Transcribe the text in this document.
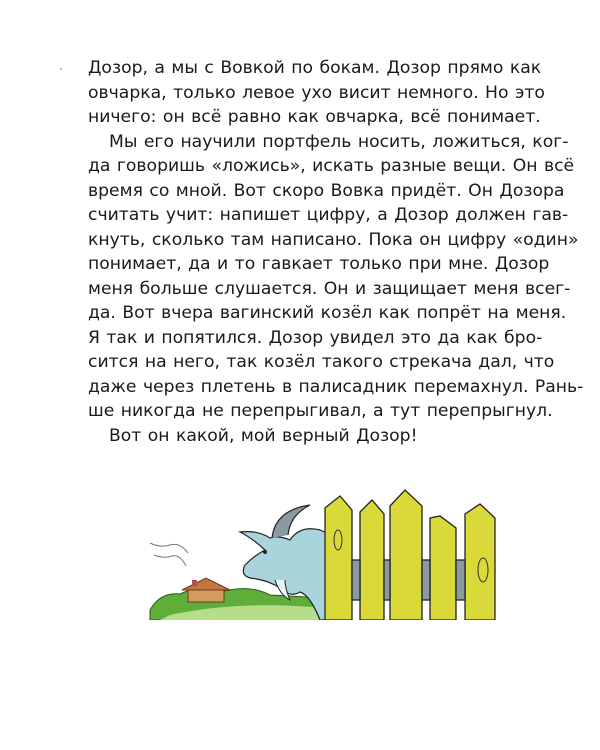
Дозор, а мы с Вовкой по бокам. Дозор прямо как
овчарка, только левое ухо висит немного. Но это
ничего: он всё равно как овчарка, всё понимает.
Мы его научили портфель носить, ложиться, ког-
да говоришь «ложись», искать разные вещи. Он всё
время со мной. Вот скоро Вовка придёт. Он Дозора
считать учит: напишет цифру, а Дозор должен гав-
кнуть, сколько там написано. Пока он цифру «один»
понимает, да и то гавкает только при мне. Дозор
меня больше слушается. Он и защищает меня всег-
да. Вот вчера вагинский козёл как попрёт на меня.
Я так и попятился. Дозор увидел это да как бро-
сится на него, так козёл такого стрекача дал, что
даже через плетень в палисадник перемахнул. Рань-
ше никогда не перепрыгивал, а тут перепрыгнул.
Вот он какой, мой верный Дозор!
